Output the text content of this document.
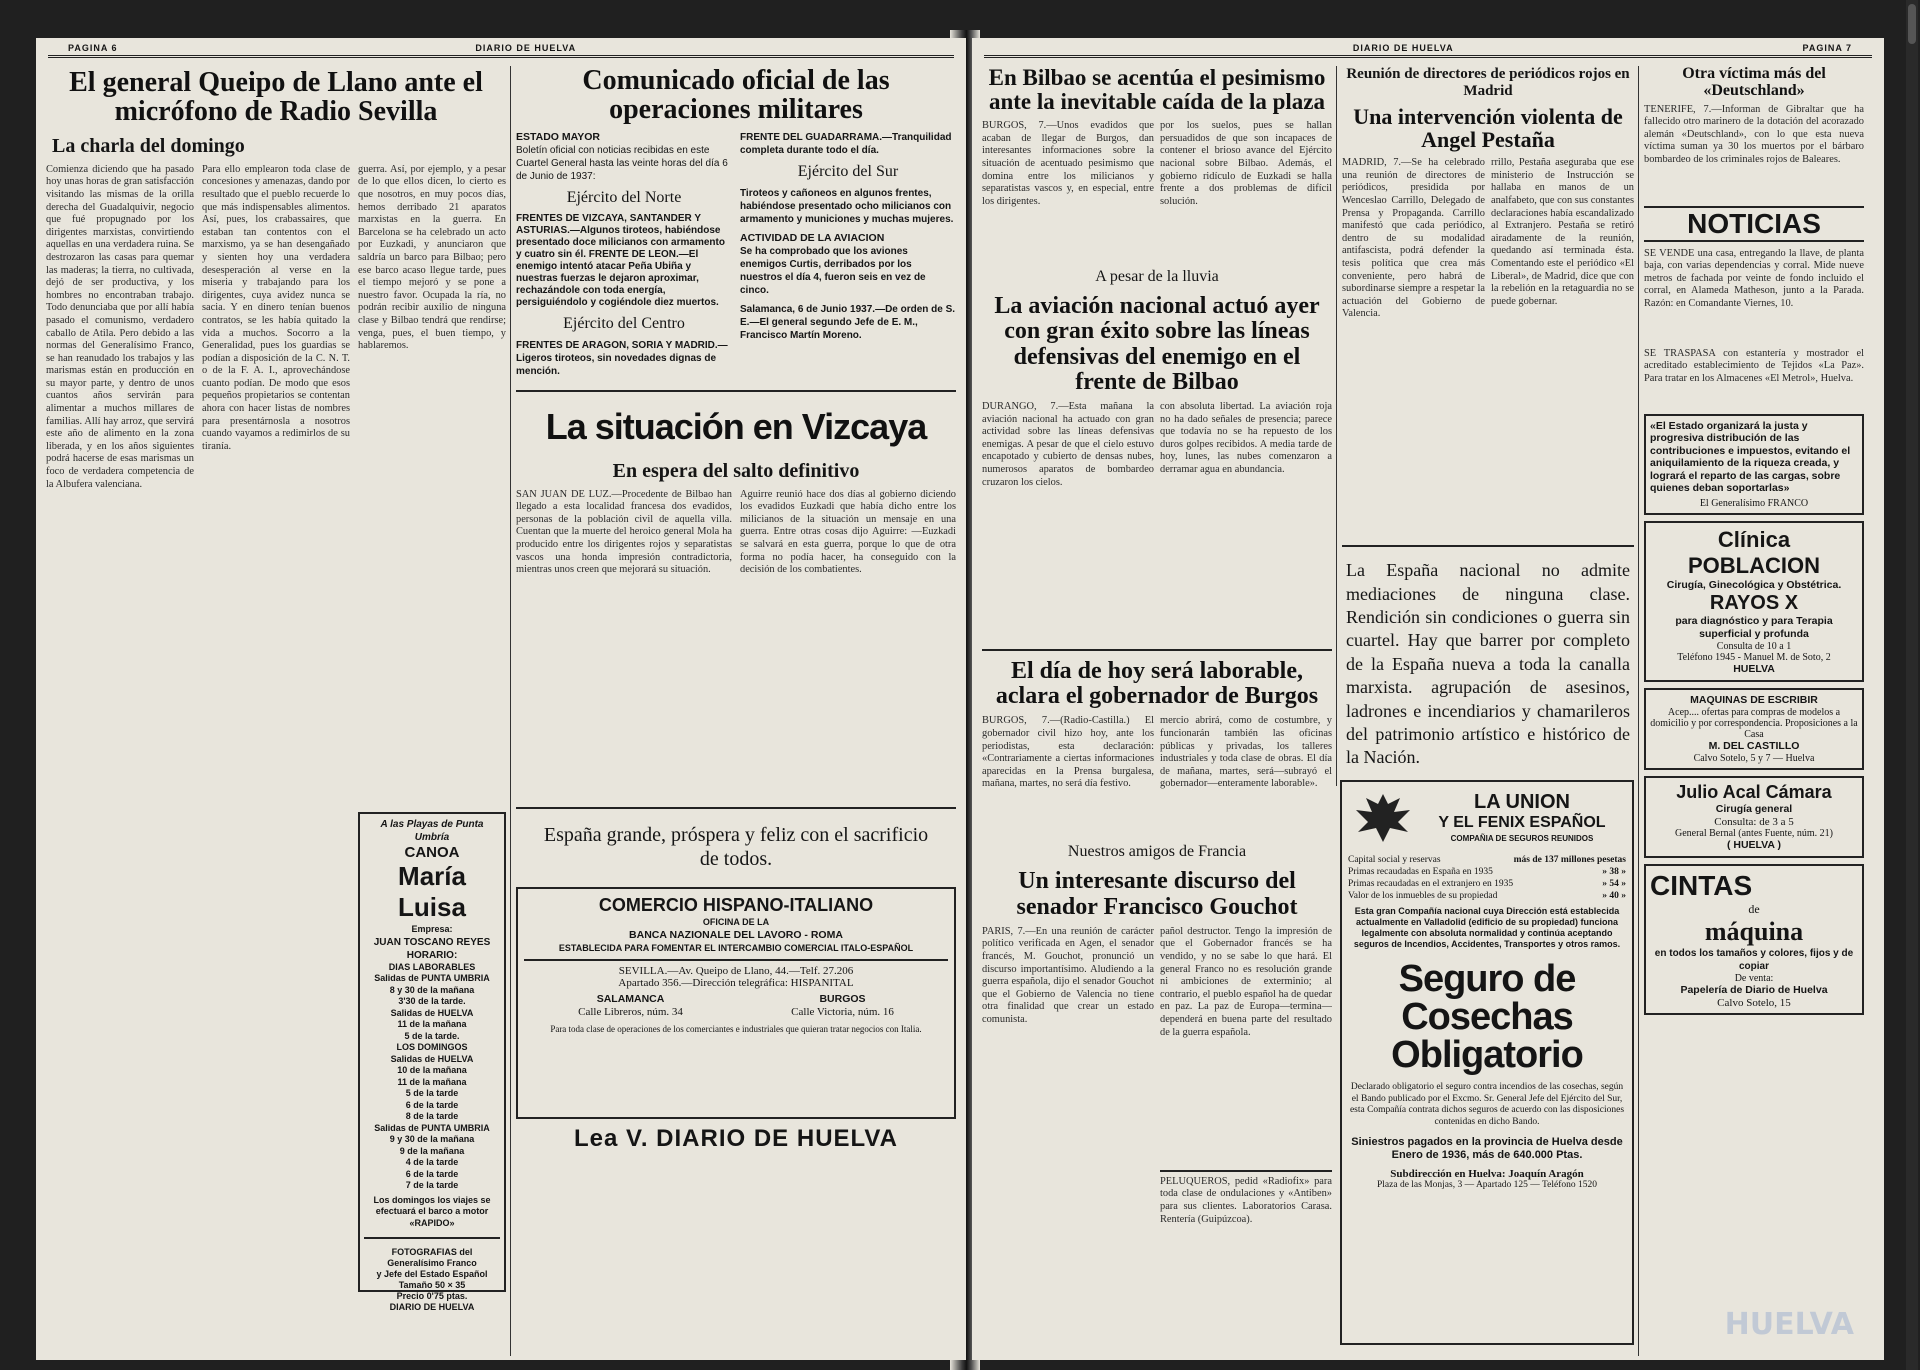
PAGINA 6	DIARIO DE HUELVA
El general Queipo de Llano ante el micrófono de Radio Sevilla
La charla del domingo
Comienza diciendo que ha pasado hoy unas horas de gran satisfacción visitando las mismas de la orilla derecha del Guadalquivir, negocio que fué propugnado por los dirigentes marxistas, convirtiendo aquellas en una verdadera ruina. Se destrozaron las casas para quemar las maderas; la tierra, no cultivada, dejó de ser productiva, y los hombres no encontraban trabajo. Todo denunciaba que por allí había pasado el comunismo, verdadero caballo de Atila. Pero debido a las normas del Generalísimo Franco, se han reanudado los trabajos y las marismas están en producción en su mayor parte, y dentro de unos cuantos años servirán para alimentar a muchos millares de familias. Allí hay arroz, que servirá este año de alimento en la zona liberada, y en los años siguientes podrá hacerse de esas marismas un foco de verdadera competencia de la Albufera valenciana.
Para ello emplearon toda clase de concesiones y amenazas, dando por resultado que el pueblo recuerde lo que más indispensables alimentos. Así, pues, los crabassaires, que estaban tan contentos con el marxismo, ya se han desengañado y sienten hoy una verdadera desesperación al verse en la miseria y trabajando para los dirigentes, cuya avidez nunca se sacia. Y en dinero tenían buenos contratos, se les había quitado la vida a muchos. Socorro a la Generalidad, pues los guardias se podían a disposición de la C. N. T. o de la F. A. I., aprovechándose cuanto podían. De modo que esos pequeños propietarios se contentan ahora con hacer listas de nombres para presentárnosla a nosotros cuando vayamos a redimirlos de su tiranía.
guerra. Así, por ejemplo, y a pesar de lo que ellos dicen, lo cierto es que nosotros, en muy pocos días, hemos derribado 21 aparatos marxistas en la guerra. En Barcelona se ha celebrado un acto por Euzkadi, y anunciaron que saldría un barco para Bilbao; pero ese barco acaso llegue tarde, pues el tiempo mejoró y se pone a nuestro favor. Ocupada la ría, no podrán recibir auxilio de ninguna clase y Bilbao tendrá que rendirse; venga, pues, el buen tiempo, y hablaremos.
A las Playas de Punta Umbría
CANOA
María Luisa
Empresa:
JUAN TOSCANO REYES
HORARIO:
DIAS LABORABLES
Salidas de PUNTA UMBRIA
8 y 30 de la mañana
3'30 de la tarde.
Salidas de HUELVA
11 de la mañana
5 de la tarde.
LOS DOMINGOS
Salidas de HUELVA
10 de la mañana
11 de la mañana
5 de la tarde
6 de la tarde
8 de la tarde
Salidas de PUNTA UMBRIA
9 y 30 de la mañana
9 de la mañana
4 de la tarde
6 de la tarde
7 de la tarde
Los domingos los viajes se efectuará el barco a motor «RAPIDO»
FOTOGRAFIAS del Generalísimo Franco
y Jefe del Estado Español
Tamaño 50 × 35
Precio 0'75 ptas.
DIARIO DE HUELVA
Comunicado oficial de las operaciones militares
ESTADO MAYOR
Boletín oficial con noticias recibidas en este Cuartel General hasta las veinte horas del día 6 de Junio de 1937:
Ejército del Norte
FRENTES DE VIZCAYA, SANTANDER Y ASTURIAS.—Algunos tiroteos, habiéndose presentado doce milicianos con armamento y cuatro sin él. FRENTE DE LEON.—El enemigo intentó atacar Peña Ubiña y nuestras fuerzas le dejaron aproximar, rechazándole con toda energía, persiguiéndolo y cogiéndole diez muertos.
Ejército del Centro
FRENTES DE ARAGON, SORIA Y MADRID.—Ligeros tiroteos, sin novedades dignas de mención.
FRENTE DEL GUADARRAMA.—Tranquilidad completa durante todo el día.
Ejército del Sur
Tiroteos y cañoneos en algunos frentes, habiéndose presentado ocho milicianos con armamento y municiones y muchas mujeres.
ACTIVIDAD DE LA AVIACION
Se ha comprobado que los aviones enemigos Curtis, derribados por los nuestros el día 4, fueron seis en vez de cinco.
Salamanca, 6 de Junio 1937.—De orden de S. E.—El general segundo Jefe de E. M., Francisco Martín Moreno.
La situación en Vizcaya
En espera del salto definitivo
SAN JUAN DE LUZ.—Procedente de Bilbao han llegado a esta localidad francesa dos evadidos, personas de la población civil de aquella villa. Cuentan que la muerte del heroico general Mola ha producido entre los dirigentes rojos y separatistas vascos una honda impresión contradictoria, mientras unos creen que mejorará su situación.
Aguirre reunió hace dos días al gobierno diciendo los evadidos Euzkadi que había dicho entre los milicianos de la situación un mensaje en una guerra. Entre otras cosas dijo Aguirre: —Euzkadi se salvará en esta guerra, porque lo que de otra forma no podía hacer, ha conseguido con la decisión de los combatientes.
España grande, próspera y feliz con el sacrificio de todos.
COMERCIO HISPANO-ITALIANO
OFICINA DE LA
BANCA NAZIONALE DEL LAVORO - ROMA
ESTABLECIDA PARA FOMENTAR EL INTERCAMBIO COMERCIAL ITALO-ESPAÑOL
SEVILLA.—Av. Queipo de Llano, 44.—Telf. 27.206
Apartado 356.—Dirección telegráfica: HISPANITAL
SALAMANCA
Calle Libreros, núm. 34
BURGOS
Calle Victoria, núm. 16
Para toda clase de operaciones de los comerciantes e industriales que quieran tratar negocios con Italia.
Lea V. DIARIO DE HUELVA
DIARIO DE HUELVA	PAGINA 7
En Bilbao se acentúa el pesimismo ante la inevitable caída de la plaza
BURGOS, 7.—Unos evadidos que acaban de llegar de Burgos, dan interesantes informaciones sobre la situación de acentuado pesimismo que domina entre los milicianos y separatistas vascos y, en especial, entre los dirigentes.
por los suelos, pues se hallan persuadidos de que son incapaces de contener el brioso avance del Ejército nacional sobre Bilbao. Además, el gobierno ridículo de Euzkadi se halla frente a dos problemas de difícil solución.
A pesar de la lluvia
La aviación nacional actuó ayer con gran éxito sobre las líneas defensivas del enemigo en el frente de Bilbao
DURANGO, 7.—Esta mañana la aviación nacional ha actuado con gran actividad sobre las líneas defensivas enemigas. A pesar de que el cielo estuvo encapotado y cubierto de densas nubes, numerosos aparatos de bombardeo cruzaron los cielos.
con absoluta libertad. La aviación roja no ha dado señales de presencia; parece que todavía no se ha repuesto de los duros golpes recibidos. A media tarde de hoy, lunes, las nubes comenzaron a derramar agua en abundancia.
El día de hoy será laborable, aclara el gobernador de Burgos
BURGOS, 7.—(Radio-Castilla.) El gobernador civil hizo hoy, ante los periodistas, esta declaración: «Contrariamente a ciertas informaciones aparecidas en la Prensa burgalesa, mañana, martes, no será día festivo.
mercio abrirá, como de costumbre, y funcionarán también las oficinas públicas y privadas, los talleres industriales y toda clase de obras. El día de mañana, martes, será—subrayó el gobernador—enteramente laborable».
Nuestros amigos de Francia
Un interesante discurso del senador Francisco Gouchot
PARIS, 7.—En una reunión de carácter político verificada en Agen, el senador francés, M. Gouchot, pronunció un discurso importantísimo. Aludiendo a la guerra española, dijo el senador Gouchot que el Gobierno de Valencia no tiene otra finalidad que crear un estado comunista.
pañol destructor. Tengo la impresión de que el Gobernador francés se ha vendido, y no se sabe lo que hará. El general Franco no es resolución grande ni ambiciones de exterminio; al contrario, el pueblo español ha de quedar en paz. La paz de Europa—termina—dependerá en buena parte del resultado de la guerra española.
PELUQUEROS, pedid «Radiofix» para toda clase de ondulaciones y «Antiben» para sus clientes. Laboratorios Carasa. Rentería (Guipúzcoa).
Reunión de directores de periódicos rojos en Madrid
Una intervención violenta de Angel Pestaña
MADRID, 7.—Se ha celebrado una reunión de directores de periódicos, presidida por Wenceslao Carrillo, Delegado de Prensa y Propaganda. Carrillo manifestó que cada periódico, dentro de su modalidad antifascista, podrá defender la tesis política que crea más conveniente, pero habrá de subordinarse siempre a respetar la actuación del Gobierno de Valencia.
rrillo, Pestaña aseguraba que ese ministerio de Instrucción se hallaba en manos de un analfabeto, que con sus constantes declaraciones había escandalizado al Extranjero. Pestaña se retiró airadamente de la reunión, quedando así terminada ésta. Comentando este el periódico «El Liberal», de Madrid, dice que con la rebelión en la retaguardia no se puede gobernar.
La España nacional no admite mediaciones de ninguna clase. Rendición sin condiciones o guerra sin cuartel. Hay que barrer por completo de la España nueva a toda la canalla marxista. agrupación de asesinos, ladrones e incendiarios y chamarileros del patrimonio artístico e histórico de la Nación.
Otra víctima más del «Deutschland»
TENERIFE, 7.—Informan de Gibraltar que ha fallecido otro marinero de la dotación del acorazado alemán «Deutschland», con lo que esta nueva víctima suman ya 30 los muertos por el bárbaro bombardeo de los criminales rojos de Baleares.
NOTICIAS
SE VENDE una casa, entregando la llave, de planta baja, con varias dependencias y corral. Mide nueve metros de fachada por veinte de fondo incluido el corral, en Alameda Matheson, junto a la Parada. Razón: en Comandante Viernes, 10.
SE TRASPASA con estantería y mostrador el acreditado establecimiento de Tejidos «La Paz». Para tratar en los Almacenes «El Metrol», Huelva.
«El Estado organizará la justa y progresiva distribución de las contribuciones e impuestos, evitando el aniquilamiento de la riqueza creada, y logrará el reparto de las cargas, sobre quienes deban soportarlas»
El Generalísimo FRANCO
Clínica POBLACION
Cirugía, Ginecológica y Obstétrica.
RAYOS X
para diagnóstico y para Terapia superficial y profunda
Consulta de 10 a 1
Teléfono 1945 - Manuel M. de Soto, 2
HUELVA
MAQUINAS DE ESCRIBIR
Acep.... ofertas para compras de modelos a domicilio y por correspondencia. Proposiciones a la Casa
M. DEL CASTILLO
Calvo Sotelo, 5 y 7 — Huelva
Julio Acal Cámara
Cirugía general
Consulta: de 3 a 5
General Bernal (antes Fuente, núm. 21)
( HUELVA )
CINTAS
de
máquina
en todos los tamaños y colores, fijos y de copiar
De venta:
Papelería de Diario de Huelva
Calvo Sotelo, 15
LA UNION
Y EL FENIX ESPAÑOL
COMPAÑIA DE SEGUROS REUNIDOS
Capital social y reservas	más de 137 millones pesetas
Primas recaudadas en España en 1935	» 38 »
Primas recaudadas en el extranjero en 1935	» 54 »
Valor de los inmuebles de su propiedad	» 40 »
Esta gran Compañía nacional cuya Dirección está establecida actualmente en Valladolid (edificio de su propiedad) funciona legalmente con absoluta normalidad y continúa aceptando seguros de Incendios, Accidentes, Transportes y otros ramos.
Seguro de Cosechas
Obligatorio
Declarado obligatorio el seguro contra incendios de las cosechas, según el Bando publicado por el Excmo. Sr. General Jefe del Ejército del Sur, esta Compañía contrata dichos seguros de acuerdo con las disposiciones contenidas en dicho Bando.
Siniestros pagados en la provincia de Huelva desde Enero de 1936, más de 640.000 Ptas.
Subdirección en Huelva: Joaquín Aragón
Plaza de las Monjas, 3 — Apartado 125 — Teléfono 1520
HUELVA
